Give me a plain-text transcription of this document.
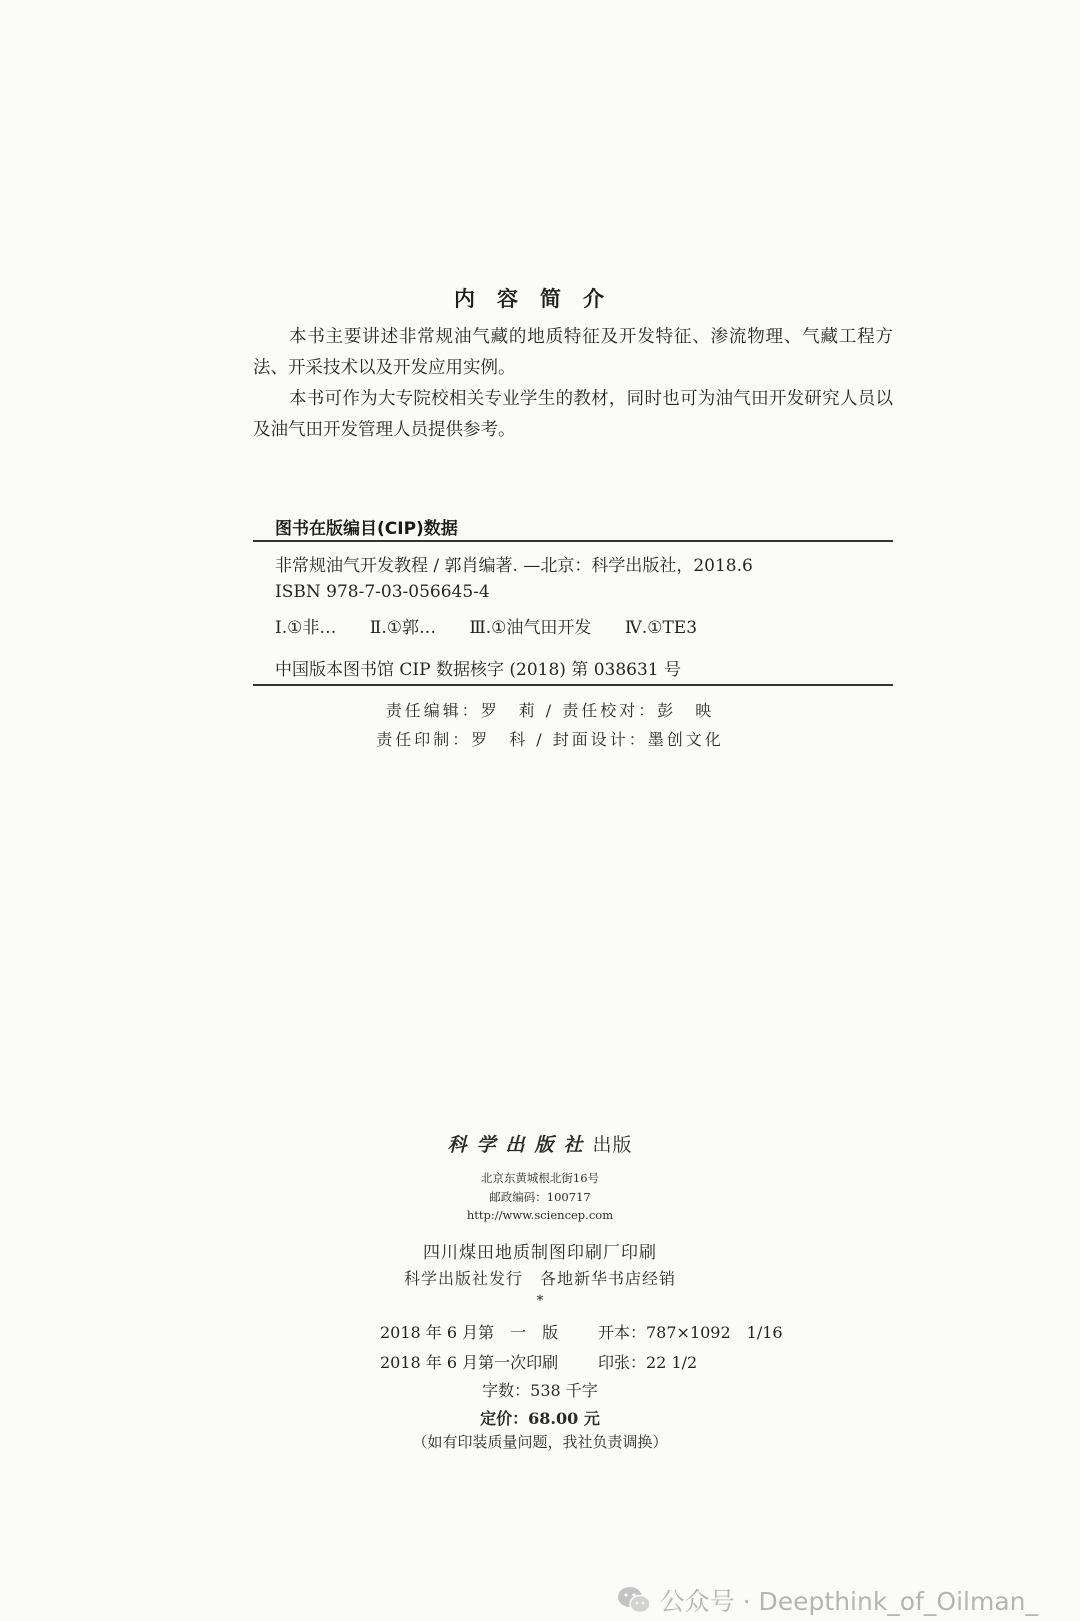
内容简介
本书主要讲述非常规油气藏的地质特征及开发特征、渗流物理、气藏工程方法、开采技术以及开发应用实例。
本书可作为大专院校相关专业学生的教材，同时也可为油气田开发研究人员以及油气田开发管理人员提供参考。
图书在版编目(CIP)数据
非常规油气开发教程 / 郭肖编著. —北京：科学出版社，2018.6
ISBN 978-7-03-056645-4
Ⅰ.①非… Ⅱ.①郭… Ⅲ.①油气田开发 Ⅳ.①TE3
中国版本图书馆 CIP 数据核字 (2018) 第 038631 号
责任编辑：罗　莉 / 责任校对：彭　映
责任印制：罗　科 / 封面设计：墨创文化
科学出版社出版
北京东黄城根北街16号
邮政编码：100717
http://www.sciencep.com
四川煤田地质制图印刷厂印刷
科学出版社发行　各地新华书店经销
*
2018 年 6 月第　一　版 开本：787×1092　1/16
2018 年 6 月第一次印刷 印张：22 1/2
字数：538 千字
定价：68.00 元
（如有印装质量问题，我社负责调换）
公众号 · Deepthink_of_Oilman_
